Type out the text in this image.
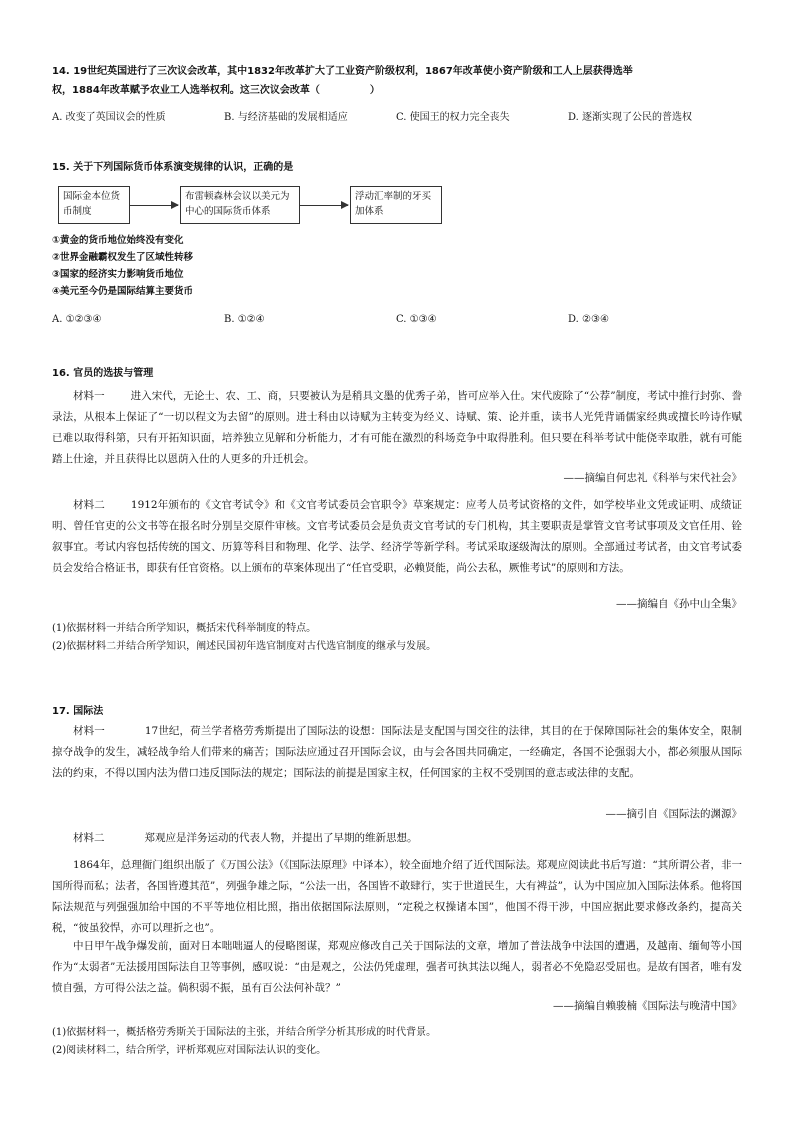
14. 19世纪英国进行了三次议会改革，其中1832年改革扩大了工业资产阶级权利，1867年改革使小资产阶级和工人上层获得选举
权，1884年改革赋予农业工人选举权利。这三次议会改革（　　　　　）
A. 改变了英国议会的性质	B. 与经济基础的发展相适应	C. 使国王的权力完全丧失	D. 逐渐实现了公民的普选权
15. 关于下列国际货币体系演变规律的认识，正确的是
国际金本位货币制度
布雷顿森林会议以美元为中心的国际货币体系
浮动汇率制的牙买加体系
①黄金的货币地位始终没有变化
②世界金融霸权发生了区域性转移
③国家的经济实力影响货币地位
④美元至今仍是国际结算主要货币
A. ①②③④	B. ①②④	C. ①③④	D. ②③④
16. 官员的选拔与管理
材料一 进入宋代，无论士、农、工、商，只要被认为是稍具文墨的优秀子弟，皆可应举入仕。宋代废除了“公荐”制度，考试中推行封弥、誊录法，从根本上保证了“一切以程文为去留”的原则。进士科由以诗赋为主转变为经义、诗赋、策、论并重，读书人光凭背诵儒家经典或擅长吟诗作赋已难以取得科第，只有开拓知识面，培养独立见解和分析能力，才有可能在激烈的科场竞争中取得胜利。但只要在科举考试中能侥幸取胜，就有可能踏上仕途，并且获得比以恩荫入仕的人更多的升迁机会。
——摘编自何忠礼《科举与宋代社会》
材料二 1912年颁布的《文官考试令》和《文官考试委员会官职令》草案规定：应考人员考试资格的文件，如学校毕业文凭或证明、成绩证明、曾任官吏的公文书等在报名时分别呈交原件审核。文官考试委员会是负责文官考试的专门机构，其主要职责是掌管文官考试事项及文官任用、铨叙事宜。考试内容包括传统的国文、历算等科目和物理、化学、法学、经济学等新学科。考试采取逐级淘汰的原则。全部通过考试者，由文官考试委员会发给合格证书，即获有任官资格。以上颁布的草案体现出了“任官受职，必赖贤能，尚公去私，厥惟考试”的原则和方法。
——摘编自《孙中山全集》
(1)依据材料一并结合所学知识，概括宋代科举制度的特点。
(2)依据材料二并结合所学知识，阐述民国初年选官制度对古代选官制度的继承与发展。
17. 国际法
材料一	17世纪，荷兰学者格劳秀斯提出了国际法的设想：国际法是支配国与国交往的法律，其目的在于保障国际社会的集体安全，限制掠夺战争的发生，减轻战争给人们带来的痛苦；国际法应通过召开国际会议，由与会各国共同确定，一经确定，各国不论强弱大小，都必须服从国际法的约束，不得以国内法为借口违反国际法的规定；国际法的前提是国家主权，任何国家的主权不受别国的意志或法律的支配。
——摘引自《国际法的渊源》
材料二	郑观应是洋务运动的代表人物，并提出了早期的维新思想。
1864年，总理衙门组织出版了《万国公法》（《国际法原理》中译本），较全面地介绍了近代国际法。郑观应阅读此书后写道：“其所谓公者，非一国所得而私；法者，各国皆遵其范”，列强争雄之际，“公法一出，各国皆不敢肆行，实于世道民生，大有裨益”，认为中国应加入国际法体系。他将国际法规范与列强强加给中国的不平等地位相比照，指出依据国际法原则，“定税之权操诸本国”，他国不得干涉，中国应据此要求修改条约，提高关税，“彼虽狡悍，亦可以理折之也”。
中日甲午战争爆发前，面对日本咄咄逼人的侵略图谋，郑观应修改自己关于国际法的文章，增加了普法战争中法国的遭遇，及越南、缅甸等小国作为“太弱者”无法援用国际法自卫等事例，感叹说：“由是观之，公法仍凭虚理，强者可执其法以绳人，弱者必不免隐忍受屈也。是故有国者，唯有发愤自强，方可得公法之益。倘积弱不振，虽有百公法何补哉？”
——摘编自赖骏楠《国际法与晚清中国》
(1)依据材料一，概括格劳秀斯关于国际法的主张，并结合所学分析其形成的时代背景。
(2)阅读材料二，结合所学，评析郑观应对国际法认识的变化。
